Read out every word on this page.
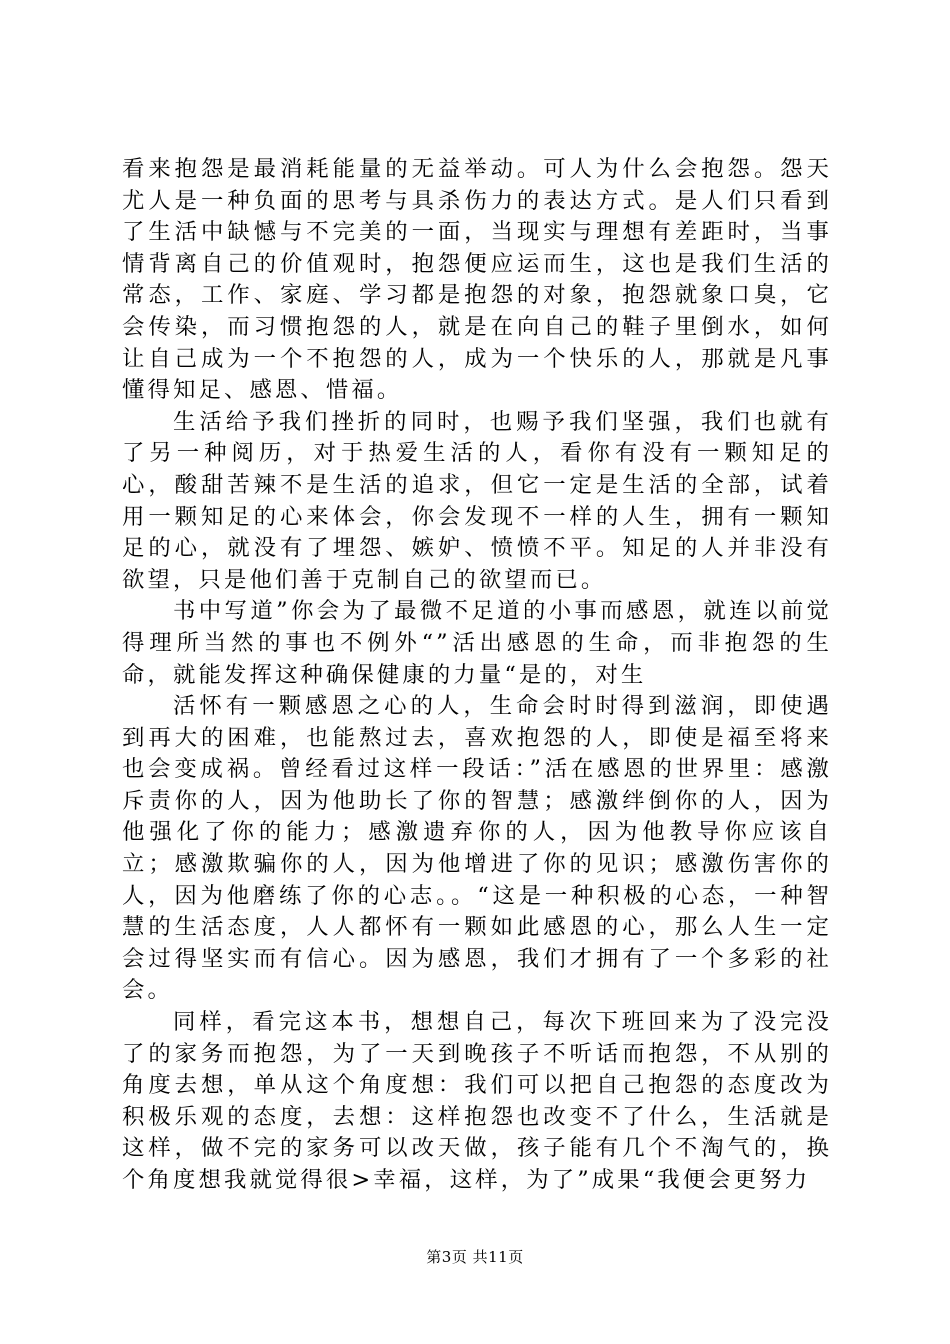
看来抱怨是最消耗能量的无益举动。可人为什么会抱怨。怨天尤人是一种负面的思考与具杀伤力的表达方式。是人们只看到了生活中缺憾与不完美的一面，当现实与理想有差距时，当事情背离自己的价值观时，抱怨便应运而生，这也是我们生活的常态，工作、家庭、学习都是抱怨的对象，抱怨就象口臭，它会传染，而习惯抱怨的人，就是在向自己的鞋子里倒水，如何让自己成为一个不抱怨的人，成为一个快乐的人，那就是凡事懂得知足、感恩、惜福。

生活给予我们挫折的同时，也赐予我们坚强，我们也就有了另一种阅历，对于热爱生活的人，看你有没有一颗知足的心，酸甜苦辣不是生活的追求，但它一定是生活的全部，试着用一颗知足的心来体会，你会发现不一样的人生，拥有一颗知足的心，就没有了埋怨、嫉妒、愤愤不平。知足的人并非没有欲望，只是他们善于克制自己的欲望而已。

书中写道”你会为了最微不足道的小事而感恩，就连以前觉得理所当然的事也不例外“”活出感恩的生命，而非抱怨的生命，就能发挥这种确保健康的力量“是的，对生

活怀有一颗感恩之心的人，生命会时时得到滋润，即使遇到再大的困难，也能熬过去，喜欢抱怨的人，即使是福至将来也会变成祸。曾经看过这样一段话：”活在感恩的世界里：感激斥责你的人，因为他助长了你的智慧；感激绊倒你的人，因为他强化了你的能力；感激遗弃你的人，因为他教导你应该自立；感激欺骗你的人，因为他增进了你的见识；感激伤害你的人，因为他磨练了你的心志。。“这是一种积极的心态，一种智慧的生活态度，人人都怀有一颗如此感恩的心，那么人生一定会过得坚实而有信心。因为感恩，我们才拥有了一个多彩的社会。

同样，看完这本书，想想自己，每次下班回来为了没完没了的家务而抱怨，为了一天到晚孩子不听话而抱怨，不从别的角度去想，单从这个角度想：我们可以把自己抱怨的态度改为积极乐观的态度，去想：这样抱怨也改变不了什么，生活就是这样，做不完的家务可以改天做，孩子能有几个不淘气的，换个角度想我就觉得很>幸福，这样，为了”成果“我便会更努力

第3页 共11页
